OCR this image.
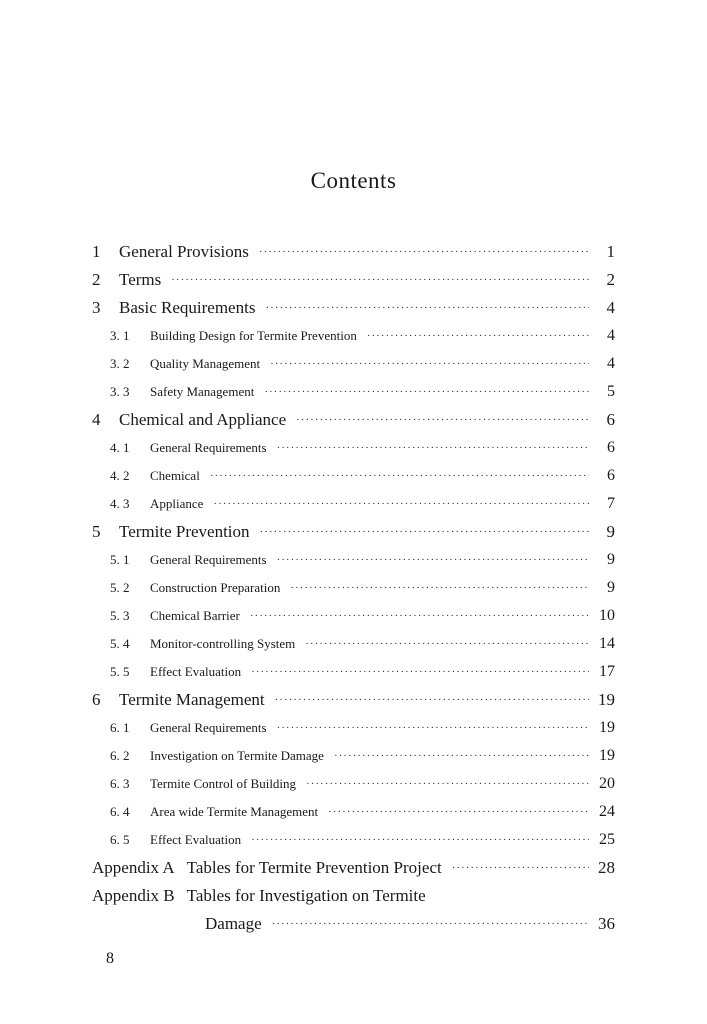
Contents
1	General Provisions ·····	1
2	Terms ·····	2
3	Basic Requirements ·····	4
3. 1	Building Design for Termite Prevention ·····	4
3. 2	Quality Management ·····	4
3. 3	Safety Management ·····	5
4	Chemical and Appliance ·····	6
4. 1	General Requirements ·····	6
4. 2	Chemical ·····	6
4. 3	Appliance ·····	7
5	Termite Prevention ·····	9
5. 1	General Requirements ·····	9
5. 2	Construction Preparation ·····	9
5. 3	Chemical Barrier ·····	10
5. 4	Monitor-controlling System ·····	14
5. 5	Effect Evaluation ·····	17
6	Termite Management ·····	19
6. 1	General Requirements ·····	19
6. 2	Investigation on Termite Damage ·····	19
6. 3	Termite Control of Building ·····	20
6. 4	Area wide Termite Management ·····	24
6. 5	Effect Evaluation ·····	25
Appendix A Tables for Termite Prevention Project ·····	28
Appendix B Tables for Investigation on Termite
Damage ·····	36
8
